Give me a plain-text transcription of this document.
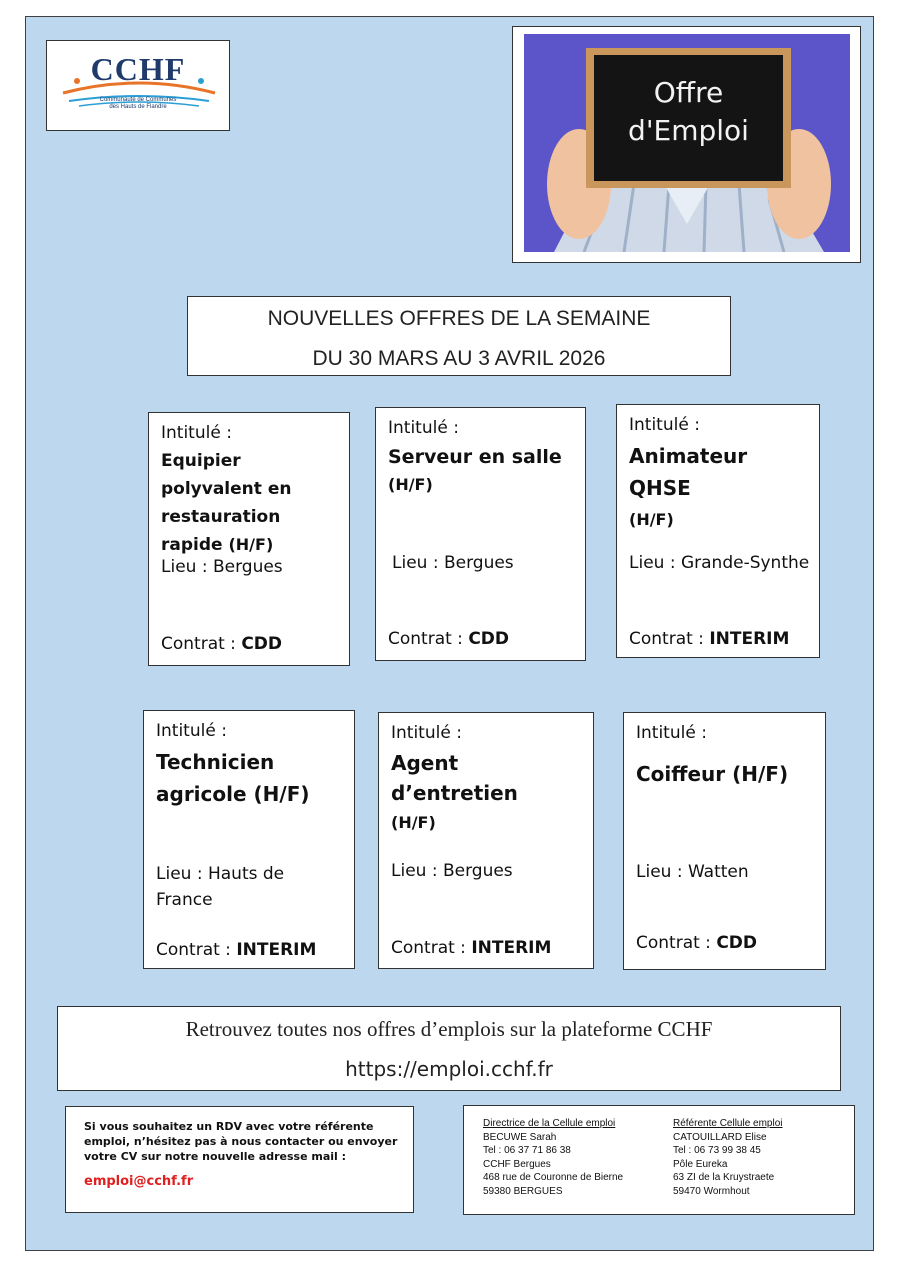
CCHF
Communauté de Communes
des Hauts de Flandre	Offre
d'Emploi
NOUVELLES OFFRES DE LA SEMAINE
DU 30 MARS AU 3 AVRIL 2026
Intitulé :
Equipier polyvalent en restauration rapide (H/F)
Lieu : Bergues
Contrat : CDD
Intitulé :
Serveur en salle
(H/F)
Lieu : Bergues
Contrat : CDD
Intitulé :
Animateur QHSE
(H/F)
Lieu : Grande-Synthe
Contrat : INTERIM
Intitulé :
Technicien agricole (H/F)
Lieu : Hauts de France
Contrat : INTERIM
Intitulé :
Agent d’entretien
(H/F)
Lieu : Bergues
Contrat : INTERIM
Intitulé :
Coiffeur (H/F)
Lieu : Watten
Contrat : CDD
Retrouvez toutes nos offres d’emplois sur la plateforme CCHF
https://emploi.cchf.fr
Si vous souhaitez un RDV avec votre référente emploi, n’hésitez pas à nous contacter ou envoyer votre CV sur notre nouvelle adresse mail :
emploi@cchf.fr
Directrice de la Cellule emploi
BECUWE Sarah
Tel : 06 37 71 86 38
CCHF Bergues
468 rue de Couronne de Bierne
59380 BERGUES
Référente Cellule emploi
CATOUILLARD Elise
Tel : 06 73 99 38 45
Pôle Eureka
63 ZI de la Kruystraete
59470 Wormhout
